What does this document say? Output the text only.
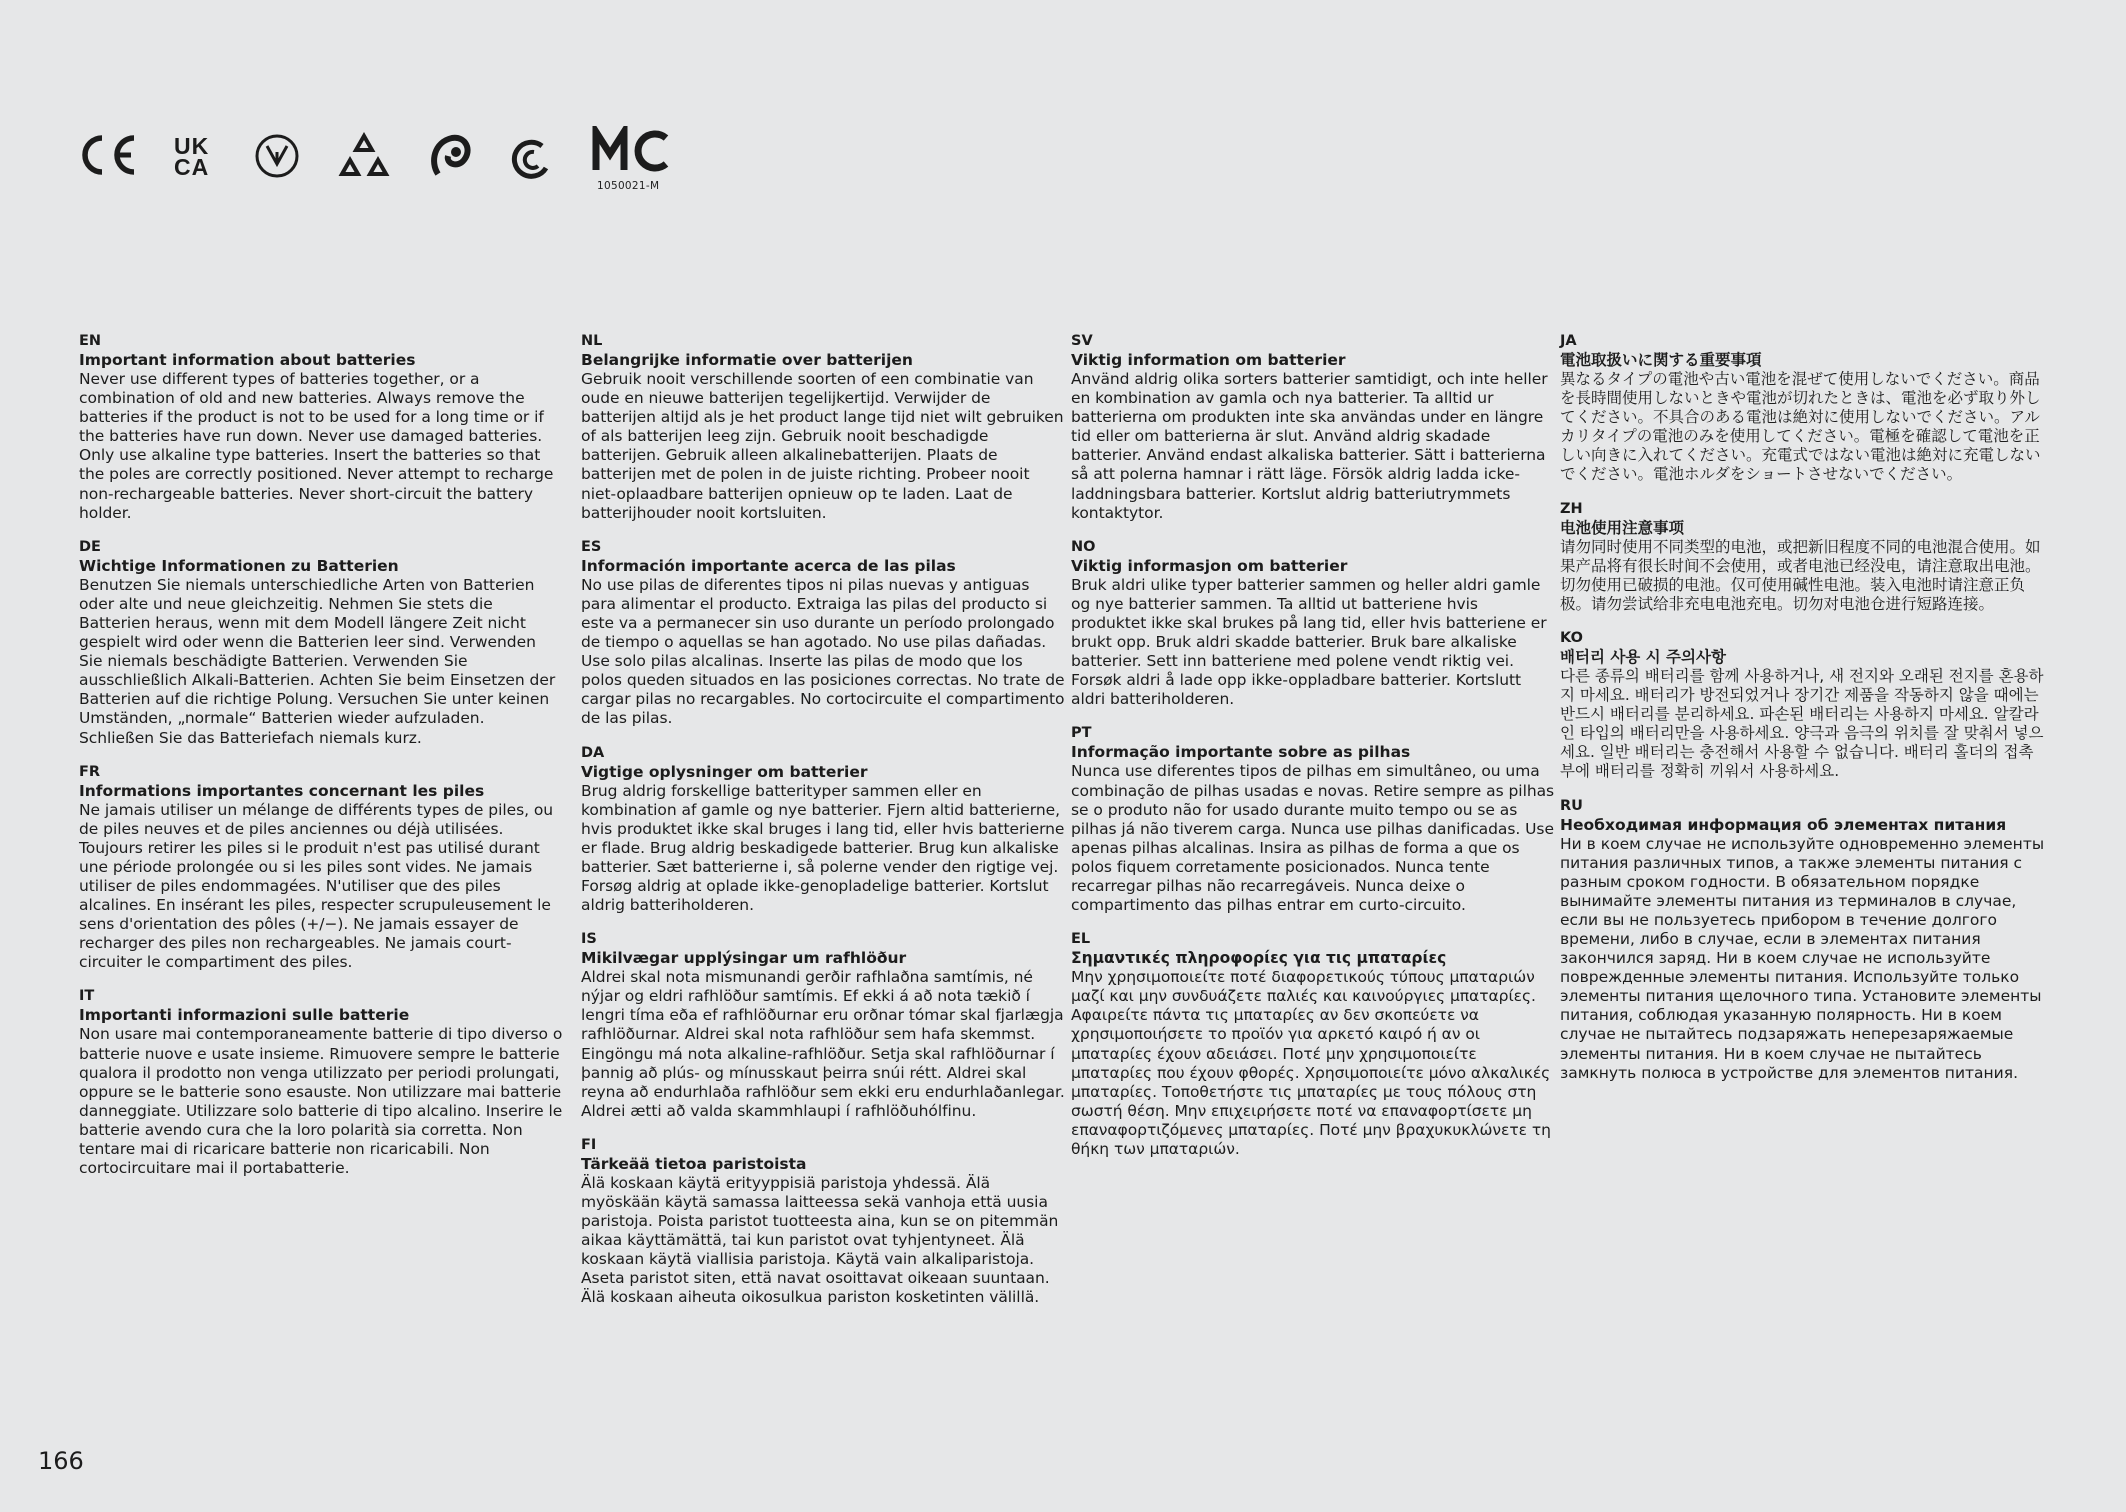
UK
CA
1050021-M
EN
Important information about batteries
Never use different types of batteries together, or a combination of old and new batteries. Always remove the batteries if the product is not to be used for a long time or if the batteries have run down. Never use damaged batteries. Only use alkaline type batteries. Insert the batteries so that the poles are correctly positioned. Never attempt to recharge non-rechargeable batteries. Never short-circuit the battery holder.
DE
Wichtige Informationen zu Batterien
Benutzen Sie niemals unterschiedliche Arten von Batterien oder alte und neue gleichzeitig. Nehmen Sie stets die Batterien heraus, wenn mit dem Modell längere Zeit nicht gespielt wird oder wenn die Batterien leer sind. Verwenden Sie niemals beschädigte Batterien. Verwenden Sie ausschließlich Alkali-Batterien. Achten Sie beim Einsetzen der Batterien auf die richtige Polung. Versuchen Sie unter keinen Umständen, „normale“ Batterien wieder aufzuladen. Schließen Sie das Batteriefach niemals kurz.
FR
Informations importantes concernant les piles
Ne jamais utiliser un mélange de différents types de piles, ou de piles neuves et de piles anciennes ou déjà utilisées. Toujours retirer les piles si le produit n'est pas utilisé durant une période prolongée ou si les piles sont vides. Ne jamais utiliser de piles endommagées. N'utiliser que des piles alcalines. En insérant les piles, respecter scrupuleusement le sens d'orientation des pôles (+/−). Ne jamais essayer de recharger des piles non rechargeables. Ne jamais court-circuiter le compartiment des piles.
IT
Importanti informazioni sulle batterie
Non usare mai contemporaneamente batterie di tipo diverso o batterie nuove e usate insieme. Rimuovere sempre le batterie qualora il prodotto non venga utilizzato per periodi prolungati, oppure se le batterie sono esauste. Non utilizzare mai batterie danneggiate. Utilizzare solo batterie di tipo alcalino. Inserire le batterie avendo cura che la loro polarità sia corretta. Non tentare mai di ricaricare batterie non ricaricabili. Non cortocircuitare mai il portabatterie.
NL
Belangrijke informatie over batterijen
Gebruik nooit verschillende soorten of een combinatie van oude en nieuwe batterijen tegelijkertijd. Verwijder de batterijen altijd als je het product lange tijd niet wilt gebruiken of als batterijen leeg zijn. Gebruik nooit beschadigde batterijen. Gebruik alleen alkalinebatterijen. Plaats de batterijen met de polen in de juiste richting. Probeer nooit niet-oplaadbare batterijen opnieuw op te laden. Laat de batterijhouder nooit kortsluiten.
ES
Información importante acerca de las pilas
No use pilas de diferentes tipos ni pilas nuevas y antiguas para alimentar el producto. Extraiga las pilas del producto si este va a permanecer sin uso durante un período prolongado de tiempo o aquellas se han agotado. No use pilas dañadas. Use solo pilas alcalinas. Inserte las pilas de modo que los polos queden situados en las posiciones correctas. No trate de cargar pilas no recargables. No cortocircuite el compartimento de las pilas.
DA
Vigtige oplysninger om batterier
Brug aldrig forskellige batterityper sammen eller en kombination af gamle og nye batterier. Fjern altid batterierne, hvis produktet ikke skal bruges i lang tid, eller hvis batterierne er flade. Brug aldrig beskadigede batterier. Brug kun alkaliske batterier. Sæt batterierne i, så polerne vender den rigtige vej. Forsøg aldrig at oplade ikke-genopladelige batterier. Kortslut aldrig batteriholderen.
IS
Mikilvægar upplýsingar um rafhlöður
Aldrei skal nota mismunandi gerðir rafhlaðna samtímis, né nýjar og eldri rafhlöður samtímis. Ef ekki á að nota tækið í lengri tíma eða ef rafhlöðurnar eru orðnar tómar skal fjarlægja rafhlöðurnar. Aldrei skal nota rafhlöður sem hafa skemmst. Eingöngu má nota alkaline-rafhlöður. Setja skal rafhlöðurnar í þannig að plús- og mínusskaut þeirra snúi rétt. Aldrei skal reyna að endurhlaða rafhlöður sem ekki eru endurhlaðanlegar. Aldrei ætti að valda skammhlaupi í rafhlöðuhólfinu.
FI
Tärkeää tietoa paristoista
Älä koskaan käytä erityyppisiä paristoja yhdessä. Älä myöskään käytä samassa laitteessa sekä vanhoja että uusia paristoja. Poista paristot tuotteesta aina, kun se on pitemmän aikaa käyttämättä, tai kun paristot ovat tyhjentyneet. Älä koskaan käytä viallisia paristoja. Käytä vain alkaliparistoja. Aseta paristot siten, että navat osoittavat oikeaan suuntaan. Älä koskaan aiheuta oikosulkua pariston kosketinten välillä.
SV
Viktig information om batterier
Använd aldrig olika sorters batterier samtidigt, och inte heller en kombination av gamla och nya batterier. Ta alltid ur batterierna om produkten inte ska användas under en längre tid eller om batterierna är slut. Använd aldrig skadade batterier. Använd endast alkaliska batterier. Sätt i batterierna så att polerna hamnar i rätt läge. Försök aldrig ladda icke-laddningsbara batterier. Kortslut aldrig batteriutrymmets kontaktytor.
NO
Viktig informasjon om batterier
Bruk aldri ulike typer batterier sammen og heller aldri gamle og nye batterier sammen. Ta alltid ut batteriene hvis produktet ikke skal brukes på lang tid, eller hvis batteriene er brukt opp. Bruk aldri skadde batterier. Bruk bare alkaliske batterier. Sett inn batteriene med polene vendt riktig vei. Forsøk aldri å lade opp ikke-oppladbare batterier. Kortslutt aldri batteriholderen.
PT
Informação importante sobre as pilhas
Nunca use diferentes tipos de pilhas em simultâneo, ou uma combinação de pilhas usadas e novas. Retire sempre as pilhas se o produto não for usado durante muito tempo ou se as pilhas já não tiverem carga. Nunca use pilhas danificadas. Use apenas pilhas alcalinas. Insira as pilhas de forma a que os polos fiquem corretamente posicionados. Nunca tente recarregar pilhas não recarregáveis. Nunca deixe o compartimento das pilhas entrar em curto-circuito.
EL
Σημαντικές πληροφορίες για τις μπαταρίες
Μην χρησιμοποιείτε ποτέ διαφορετικούς τύπους μπαταριών μαζί και μην συνδυάζετε παλιές και καινούργιες μπαταρίες. Αφαιρείτε πάντα τις μπαταρίες αν δεν σκοπεύετε να χρησιμοποιήσετε το προϊόν για αρκετό καιρό ή αν οι μπαταρίες έχουν αδειάσει. Ποτέ μην χρησιμοποιείτε μπαταρίες που έχουν φθορές. Χρησιμοποιείτε μόνο αλκαλικές μπαταρίες. Τοποθετήστε τις μπαταρίες με τους πόλους στη σωστή θέση. Μην επιχειρήσετε ποτέ να επαναφορτίσετε μη επαναφορτιζόμενες μπαταρίες. Ποτέ μην βραχυκυκλώνετε τη θήκη των μπαταριών.
JA
電池取扱いに関する重要事項
異なるタイプの電池や古い電池を混ぜて使用しないでください。商品を長時間使用しないときや電池が切れたときは、電池を必ず取り外してください。不具合のある電池は絶対に使用しないでください。アルカリタイプの電池のみを使用してください。電極を確認して電池を正しい向きに入れてください。充電式ではない電池は絶対に充電しないでください。電池ホルダをショートさせないでください。
ZH
电池使用注意事项
请勿同时使用不同类型的电池，或把新旧程度不同的电池混合使用。如果产品将有很长时间不会使用，或者电池已经没电，请注意取出电池。切勿使用已破损的电池。仅可使用碱性电池。装入电池时请注意正负极。请勿尝试给非充电电池充电。切勿对电池仓进行短路连接。
KO
배터리 사용 시 주의사항
다른 종류의 배터리를 함께 사용하거나, 새 전지와 오래된 전지를 혼용하지 마세요. 배터리가 방전되었거나 장기간 제품을 작동하지 않을 때에는 반드시 배터리를 분리하세요. 파손된 배터리는 사용하지 마세요. 알칼라인 타입의 배터리만을 사용하세요. 양극과 음극의 위치를 잘 맞춰서 넣으세요. 일반 배터리는 충전해서 사용할 수 없습니다. 배터리 홀더의 접촉부에 배터리를 정확히 끼워서 사용하세요.
RU
Необходимая информация об элементах питания
Ни в коем случае не используйте одновременно элементы питания различных типов, а также элементы питания с разным сроком годности. В обязательном порядке вынимайте элементы питания из терминалов в случае, если вы не пользуетесь прибором в течение долгого времени, либо в случае, если в элементах питания закончился заряд. Ни в коем случае не используйте поврежденные элементы питания. Используйте только элементы питания щелочного типа. Установите элементы питания, соблюдая указанную полярность. Ни в коем случае не пытайтесь подзаряжать неперезаряжаемые элементы питания. Ни в коем случае не пытайтесь замкнуть полюса в устройстве для элементов питания.
166
